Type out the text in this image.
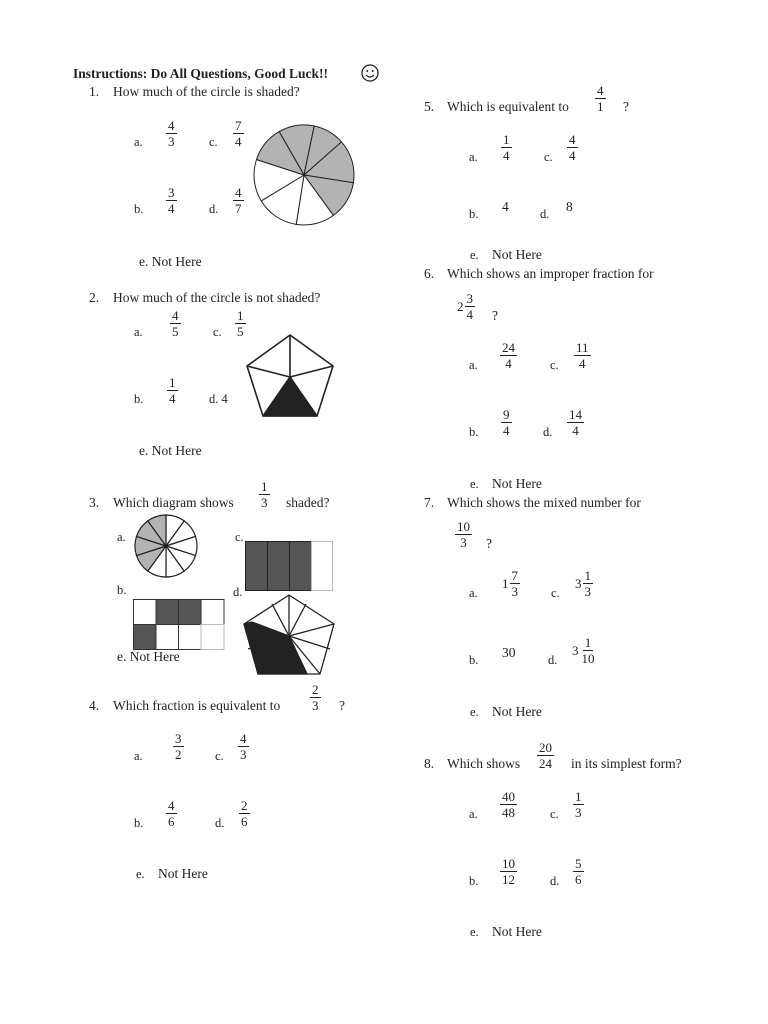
Instructions: Do All Questions, Good Luck!!
1. How much of the circle is shaded?
a. $\frac{4}{3}$	c. $\frac{7}{4}$
b. $\frac{3}{4}$	d. $\frac{4}{7}$
e. Not Here
2. How much of the circle is not shaded?
a. $\frac{4}{5}$	c. $\frac{1}{5}$
b. $\frac{1}{4}$	d. 4
e. Not Here
3. Which diagram shows $\frac{1}{3}$ shaded?
a.	c.
b.	d.
e. Not Here
4. Which fraction is equivalent to $\frac{2}{3}$ ?
a. $\frac{3}{2}$	c. $\frac{4}{3}$
b. $\frac{4}{6}$	d. $\frac{2}{6}$
e. Not Here
5. Which is equivalent to $\frac{4}{1}$ ?
a. $\frac{1}{4}$	c. $\frac{4}{4}$
b. 4	d. 8
e. Not Here
6. Which shows an improper fraction for
$2 \frac{3}{4}$ ?
a. $\frac{24}{4}$	c. $\frac{11}{4}$
b. $\frac{9}{4}$	d. $\frac{14}{4}$
e. Not Here
7. Which shows the mixed number for
$\frac{10}{3}$ ?
a.
$1 \frac{7}{3} c$.
$3 \frac{1}{3}$
b. 30	d.
$3 \frac{1}{10}$
e. Not Here
8. Which shows $\frac{20}{24}$ in its simplest form?
a. $\frac{40}{48}$	c. $\frac{1}{3}$
b. $\frac{10}{12}$	d. $\frac{5}{6}$
e. Not Here
